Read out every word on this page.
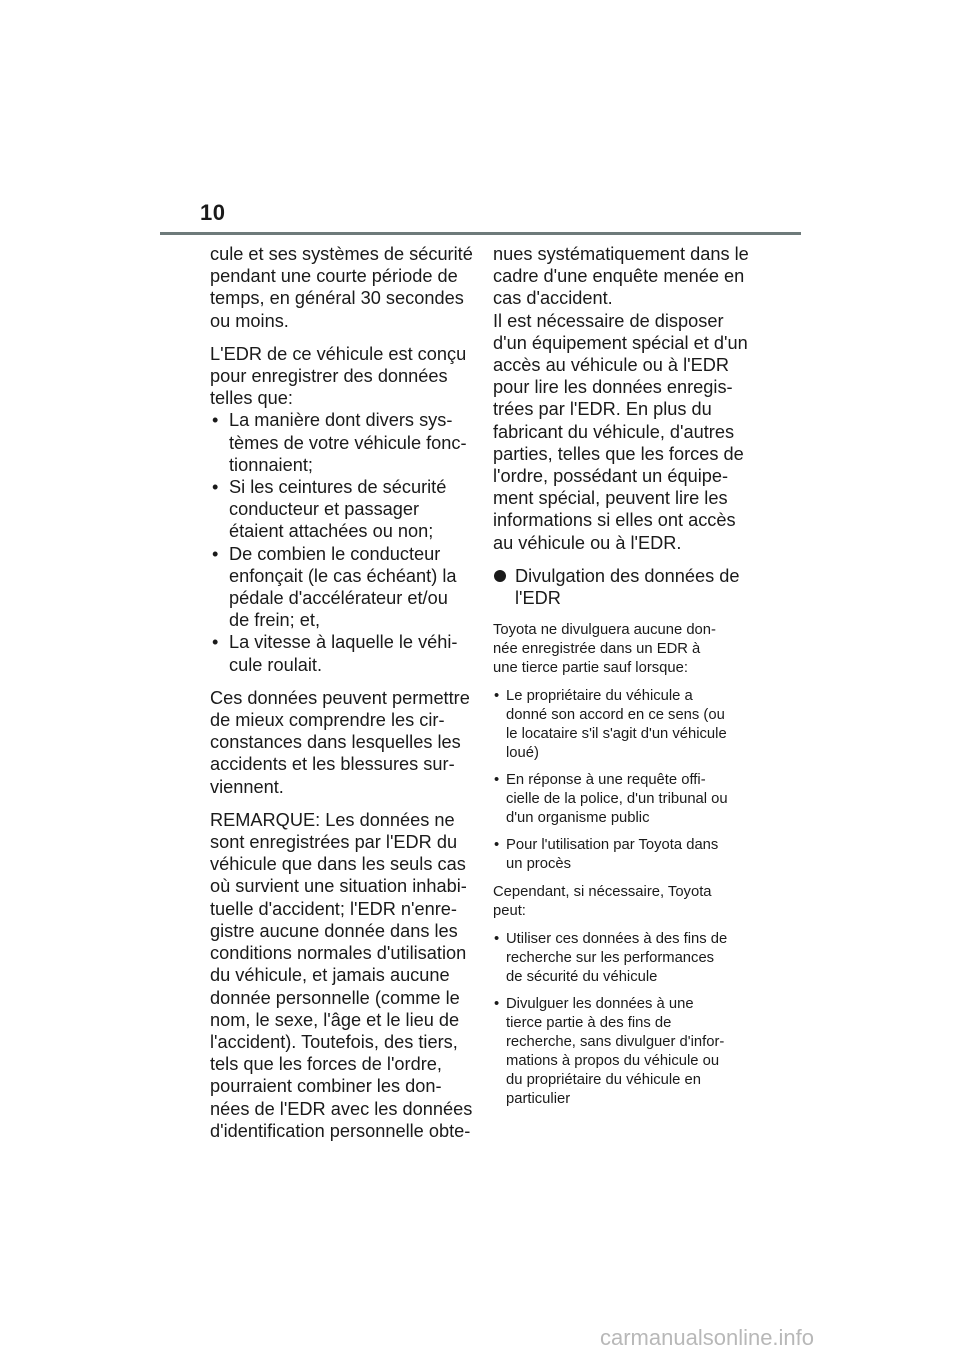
10

cule et ses systèmes de sécurité
pendant une courte période de
temps, en général 30 secondes
ou moins.

L'EDR de ce véhicule est conçu
pour enregistrer des données
telles que:

• La manière dont divers sys-
tèmes de votre véhicule fonc-
tionnaient;
• Si les ceintures de sécurité
conducteur et passager
étaient attachées ou non;
• De combien le conducteur
enfonçait (le cas échéant) la
pédale d'accélérateur et/ou
de frein; et,
• La vitesse à laquelle le véhi-
cule roulait.

Ces données peuvent permettre
de mieux comprendre les cir-
constances dans lesquelles les
accidents et les blessures sur-
viennent.

REMARQUE: Les données ne
sont enregistrées par l'EDR du
véhicule que dans les seuls cas
où survient une situation inhabi-
tuelle d'accident; l'EDR n'enre-
gistre aucune donnée dans les
conditions normales d'utilisation
du véhicule, et jamais aucune
donnée personnelle (comme le
nom, le sexe, l'âge et le lieu de
l'accident). Toutefois, des tiers,
tels que les forces de l'ordre,
pourraient combiner les don-
nées de l'EDR avec les données
d'identification personnelle obte-

nues systématiquement dans le
cadre d'une enquête menée en
cas d'accident.

Il est nécessaire de disposer
d'un équipement spécial et d'un
accès au véhicule ou à l'EDR
pour lire les données enregis-
trées par l'EDR. En plus du
fabricant du véhicule, d'autres
parties, telles que les forces de
l'ordre, possédant un équipe-
ment spécial, peuvent lire les
informations si elles ont accès
au véhicule ou à l'EDR.

Divulgation des données de
l'EDR

Toyota ne divulguera aucune don-
née enregistrée dans un EDR à
une tierce partie sauf lorsque:

• Le propriétaire du véhicule a
donné son accord en ce sens (ou
le locataire s'il s'agit d'un véhicule
loué)
• En réponse à une requête offi-
cielle de la police, d'un tribunal ou
d'un organisme public
• Pour l'utilisation par Toyota dans
un procès

Cependant, si nécessaire, Toyota
peut:

• Utiliser ces données à des fins de
recherche sur les performances
de sécurité du véhicule
• Divulguer les données à une
tierce partie à des fins de
recherche, sans divulguer d'infor-
mations à propos du véhicule ou
du propriétaire du véhicule en
particulier
carmanualsonline.info
